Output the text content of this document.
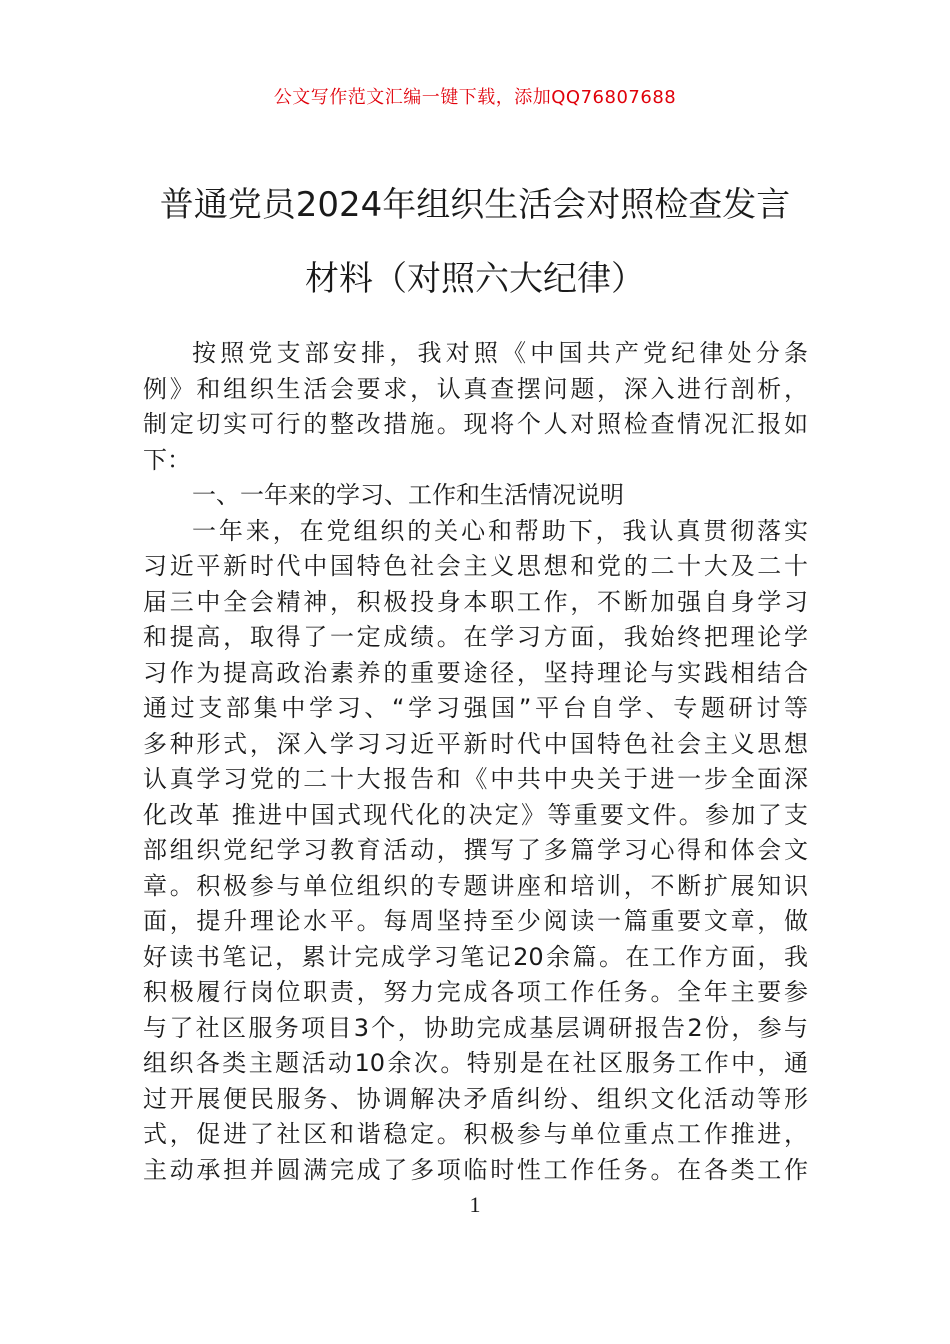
公文写作范文汇编一键下载，添加QQ76807688
普通党员2024年组织生活会对照检查发言
材料（对照六大纪律）
按照党支部安排，我对照《中国共产党纪律处分条
例》和组织生活会要求，认真查摆问题，深入进行剖析，
制定切实可行的整改措施。现将个人对照检查情况汇报如
下：
一、一年来的学习、工作和生活情况说明
一年来，在党组织的关心和帮助下，我认真贯彻落实
习近平新时代中国特色社会主义思想和党的二十大及二十
届三中全会精神，积极投身本职工作，不断加强自身学习
和提高，取得了一定成绩。在学习方面，我始终把理论学
习作为提高政治素养的重要途径，坚持理论与实践相结合
通过支部集中学习、“学习强国”平台自学、专题研讨等
多种形式，深入学习习近平新时代中国特色社会主义思想
认真学习党的二十大报告和《中共中央关于进一步全面深
化改革 推进中国式现代化的决定》等重要文件。参加了支
部组织党纪学习教育活动，撰写了多篇学习心得和体会文
章。积极参与单位组织的专题讲座和培训，不断扩展知识
面，提升理论水平。每周坚持至少阅读一篇重要文章，做
好读书笔记，累计完成学习笔记20余篇。在工作方面，我
积极履行岗位职责，努力完成各项工作任务。全年主要参
与了社区服务项目3个，协助完成基层调研报告2份，参与
组织各类主题活动10余次。特别是在社区服务工作中，通
过开展便民服务、协调解决矛盾纠纷、组织文化活动等形
式，促进了社区和谐稳定。积极参与单位重点工作推进，
主动承担并圆满完成了多项临时性工作任务。在各类工作
1
